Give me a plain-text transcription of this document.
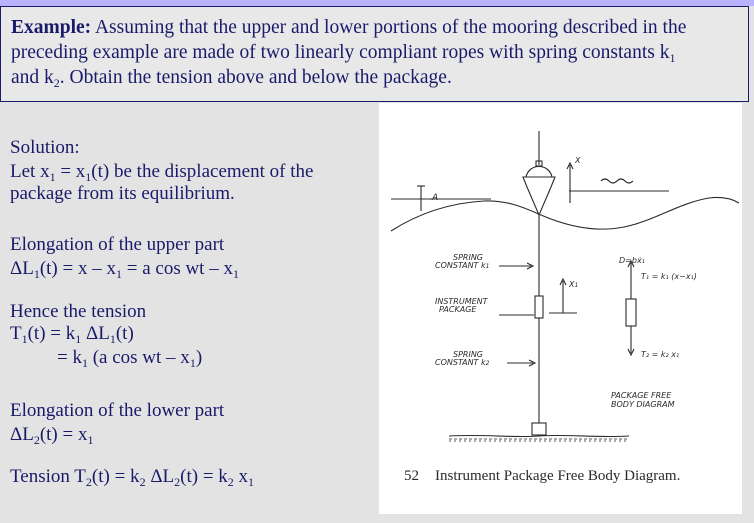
Example: Assuming that the upper and lower portions of the mooring described in the
preceding example are made of two linearly compliant ropes with spring constants $k_1$
and $k_2$. Obtain the tension above and below the package.
Solution:
Let $x_1 = x_1(t)$ be the displacement of the
package from its equilibrium.
Elongation of the upper part
$\Delta L_1(t) = x - x_1 = a$ cos wt – $x_1$
Hence the tension
$T_1(t) = k_1$ $\Delta L_1(t)$
= $k_1$ (a cos wt – $x_1$)
Elongation of the lower part
$\Delta L_2(t) = x_1$
Tension $T_2(t) = k_2$ $\Delta L_2(t) = k_2$ $x_1$
A
X
X1
SPRING
CONSTANT k1
INSTRUMENT
PACKAGE
SPRING
CONSTANT k2
D=bẋ₁
T₁ = k₁ (x−x₁)
T₂ = k₂ x₁
PACKAGE FREE
BODY DIAGRAM
52 Instrument Package Free Body Diagram.
